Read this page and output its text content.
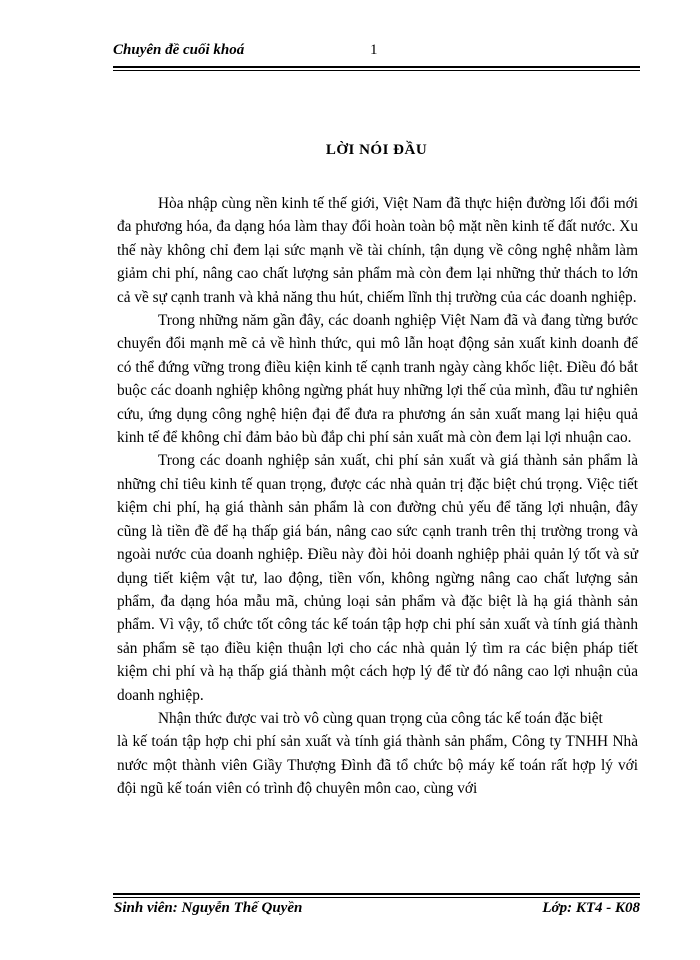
Chuyên đề cuối khoá	1
LỜI NÓI ĐẦU

Hòa nhập cùng nền kinh tế thế giới, Việt Nam đã thực hiện đường lối đổi mới đa phương hóa, đa dạng hóa làm thay đổi hoàn toàn bộ mặt nền kinh tế đất nước. Xu thế này không chỉ đem lại sức mạnh về tài chính, tận dụng về công nghệ nhằm làm giảm chi phí, nâng cao chất lượng sản phẩm mà còn đem lại những thử thách to lớn cả về sự cạnh tranh và khả năng thu hút, chiếm lĩnh thị trường của các doanh nghiệp.

Trong những năm gần đây, các doanh nghiệp Việt Nam đã và đang từng bước chuyển đổi mạnh mẽ cả về hình thức, qui mô lẫn hoạt động sản xuất kinh doanh để có thể đứng vững trong điều kiện kinh tế cạnh tranh ngày càng khốc liệt. Điều đó bắt buộc các doanh nghiệp không ngừng phát huy những lợi thế của mình, đầu tư nghiên cứu, ứng dụng công nghệ hiện đại để đưa ra phương án sản xuất mang lại hiệu quả kinh tế để không chỉ đảm bảo bù đắp chi phí sản xuất mà còn đem lại lợi nhuận cao.

Trong các doanh nghiệp sản xuất, chi phí sản xuất và giá thành sản phẩm là những chỉ tiêu kinh tế quan trọng, được các nhà quản trị đặc biệt chú trọng. Việc tiết kiệm chi phí, hạ giá thành sản phẩm là con đường chủ yếu để tăng lợi nhuận, đây cũng là tiền đề để hạ thấp giá bán, nâng cao sức cạnh tranh trên thị trường trong và ngoài nước của doanh nghiệp. Điều này đòi hỏi doanh nghiệp phải quản lý tốt và sử dụng tiết kiệm vật tư, lao động, tiền vốn, không ngừng nâng cao chất lượng sản phẩm, đa dạng hóa mẫu mã, chủng loại sản phẩm và đặc biệt là hạ giá thành sản phẩm. Vì vậy, tổ chức tốt công tác kế toán tập hợp chi phí sản xuất và tính giá thành sản phẩm sẽ tạo điều kiện thuận lợi cho các nhà quản lý tìm ra các biện pháp tiết kiệm chi phí và hạ thấp giá thành một cách hợp lý để từ đó nâng cao lợi nhuận của doanh nghiệp.

Nhận thức được vai trò vô cùng quan trọng của công tác kế toán đặc biệt

là kế toán tập hợp chi phí sản xuất và tính giá thành sản phẩm, Công ty TNHH Nhà nước một thành viên Giầy Thượng Đình đã tổ chức bộ máy kế toán rất hợp lý với đội ngũ kế toán viên có trình độ chuyên môn cao, cùng với

Sinh viên: Nguyễn Thế Quyền	Lớp: KT4 - K08
